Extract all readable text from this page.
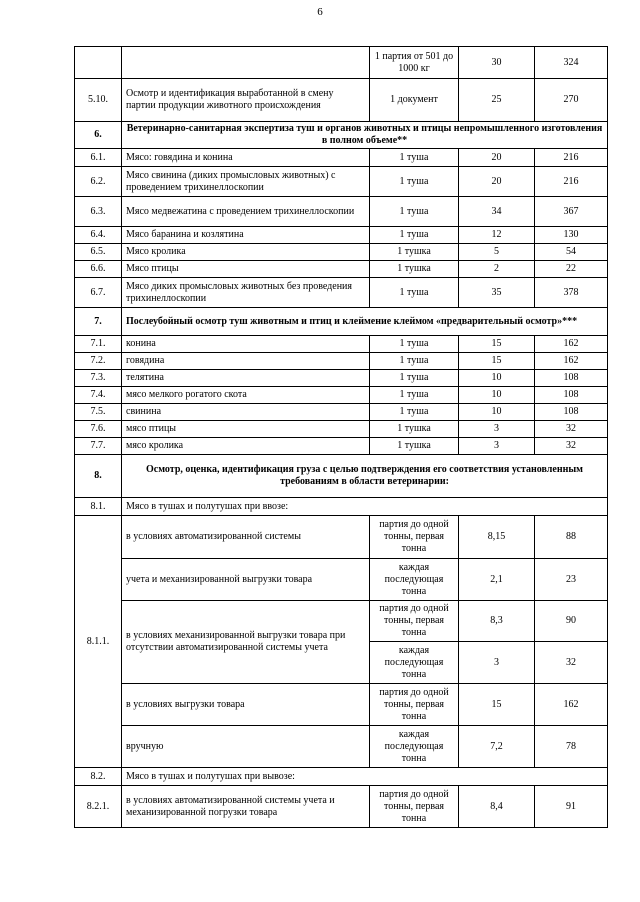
6
		1 партия от 501 до 1000 кг	30	324
5.10.	Осмотр и идентификация выработанной в смену партии продукции животного происхождения	1 документ	25	270
6.	Ветеринарно-санитарная экспертиза туш и органов животных и птицы непромышленного изготовления в полном объеме**			
6.1.	Мясо: говядина и конина	1 туша	20	216
6.2.	Мясо свинина (диких промысловых животных) с проведением трихинеллоскопии	1 туша	20	216
6.3.	Мясо медвежатина с проведением трихинеллоскопии	1 туша	34	367
6.4.	Мясо баранина и козлятина	1 туша	12	130
6.5.	Мясо кролика	1 тушка	5	54
6.6.	Мясо птицы	1 тушка	2	22
6.7.	Мясо диких промысловых животных без проведения трихинеллоскопии	1 туша	35	378
7.	Послеубойный осмотр туш животным и птиц и клеймение клеймом «предварительный осмотр»***			
7.1.	конина	1 туша	15	162
7.2.	говядина	1 туша	15	162
7.3.	телятина	1 туша	10	108
7.4.	мясо мелкого рогатого скота	1 туша	10	108
7.5.	свинина	1 туша	10	108
7.6.	мясо птицы	1 тушка	3	32
7.7.	мясо кролика	1 тушка	3	32
8.	Осмотр, оценка, идентификация груза с целью подтверждения его соответствия установленным требованиям в области ветеринарии:			
8.1.	Мясо в тушах и полутушах при ввозе:			
8.1.1.	в условиях автоматизированной системы	партия до одной тонны, первая тонна	8,15	88
	учета и механизированной выгрузки товара	каждая последующая тонна	2,1	23
	в условиях механизированной выгрузки товара при отсутствии автоматизированной системы учета	партия до одной тонны, первая тонна	8,3	90
		каждая последующая тонна	3	32
	в условиях выгрузки товара	партия до одной тонны, первая тонна	15	162
	вручную	каждая последующая тонна	7,2	78
8.2.	Мясо в тушах и полутушах при вывозе:			
8.2.1.	в условиях автоматизированной системы учета и механизированной погрузки товара	партия до одной тонны, первая тонна	8,4	91
